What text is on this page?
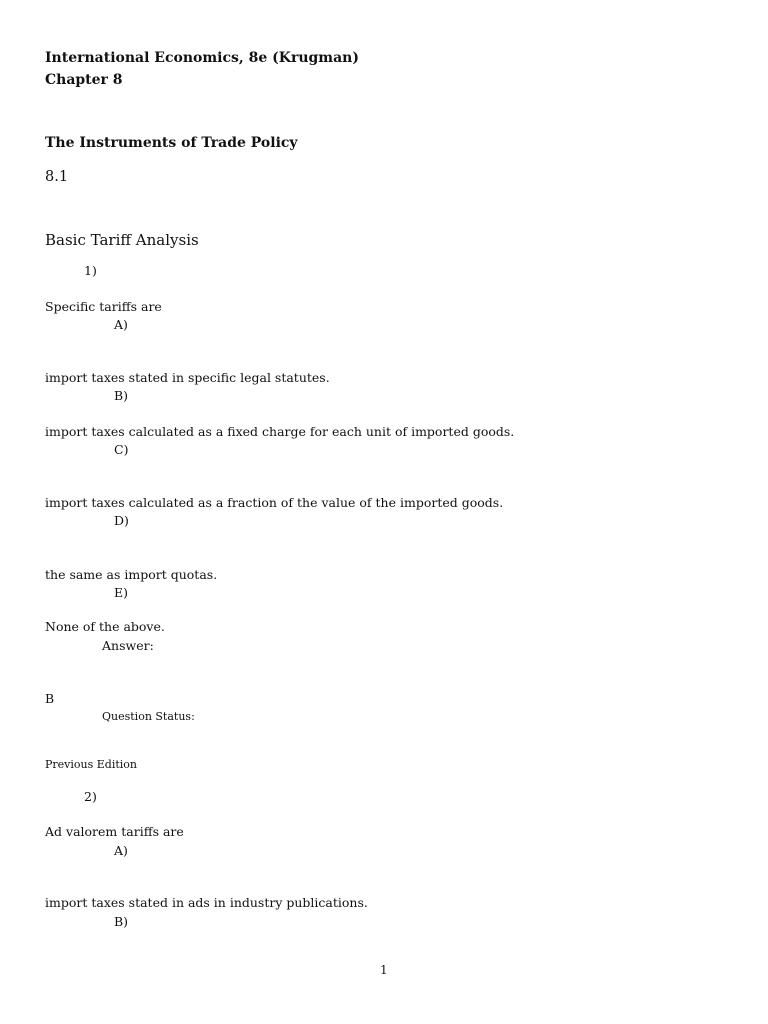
International Economics, 8e (Krugman)
Chapter 8
The Instruments of Trade Policy
8.1
Basic Tariff Analysis
1)
Specific tariffs are
A)
import taxes stated in specific legal statutes.
B)
import taxes calculated as a fixed charge for each unit of imported goods.
C)
import taxes calculated as a fraction of the value of the imported goods.
D)
the same as import quotas.
E)
None of the above.
Answer:
B
Question Status:
Previous Edition
2)
Ad valorem tariffs are
A)
import taxes stated in ads in industry publications.
B)
1
